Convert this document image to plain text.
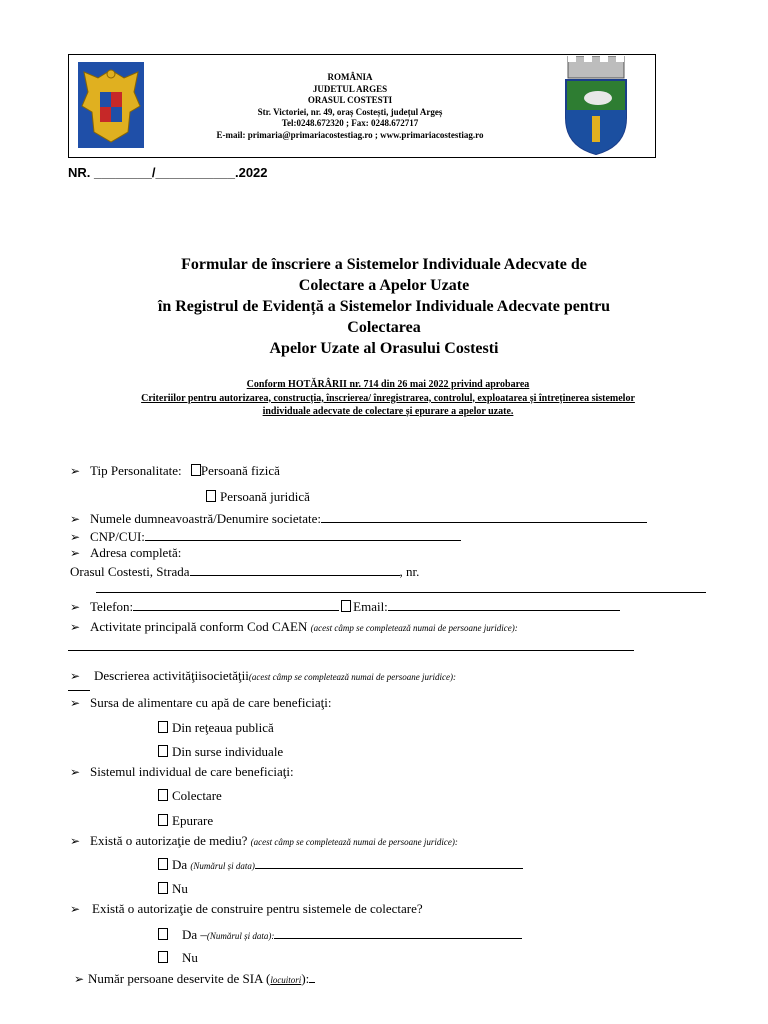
ROMÂNIA
JUDETUL ARGES
ORASUL COSTESTI
Str. Victoriei, nr. 49, oraș Costești, județul Argeș
Tel:0248.672320 ; Fax: 0248.672717
E-mail: primaria@primariacostestiag.ro ; www.primariacostestiag.ro
NR. ________/___________.2022
Formular de înscriere a Sistemelor Individuale Adecvate de
Colectare a Apelor Uzate
în Registrul de Evidență a Sistemelor Individuale Adecvate pentru
Colectarea
Apelor Uzate al Orasului Costesti
Conform HOTĂRÂRII nr. 714 din 26 mai 2022 privind aprobarea
Criteriilor pentru autorizarea, construcția, înscrierea/ înregistrarea, controlul, exploatarea și întreținerea sistemelor
individuale adecvate de colectare și epurare a apelor uzate.
➢ Tip Personalitate: Persoană fizică
Persoană juridică
➢ Numele dumneavoastră/Denumire societate:
➢ CNP/CUI:
➢ Adresa completă:
Orasul Costesti, Strada	, nr.
➢ Telefon:	Email:
➢ Activitate principală conform Cod CAEN (acest câmp se completează numai de persoane juridice):
➢ Descrierea activităţiisocietăţii(acest câmp se completează numai de persoane juridice):
➢ Sursa de alimentare cu apă de care beneficiaţi:
Din reţeaua publică
Din surse individuale
➢ Sistemul individual de care beneficiaţi:
Colectare
Epurare
➢ Există o autorizaţie de mediu? (acest câmp se completează numai de persoane juridice):
Da (Numărul și data)
Nu
➢ Există o autorizaţie de construire pentru sistemele de colectare?
Da –(Numărul și data):
Nu
➢ Număr persoane deservite de SIA (locuitori):
